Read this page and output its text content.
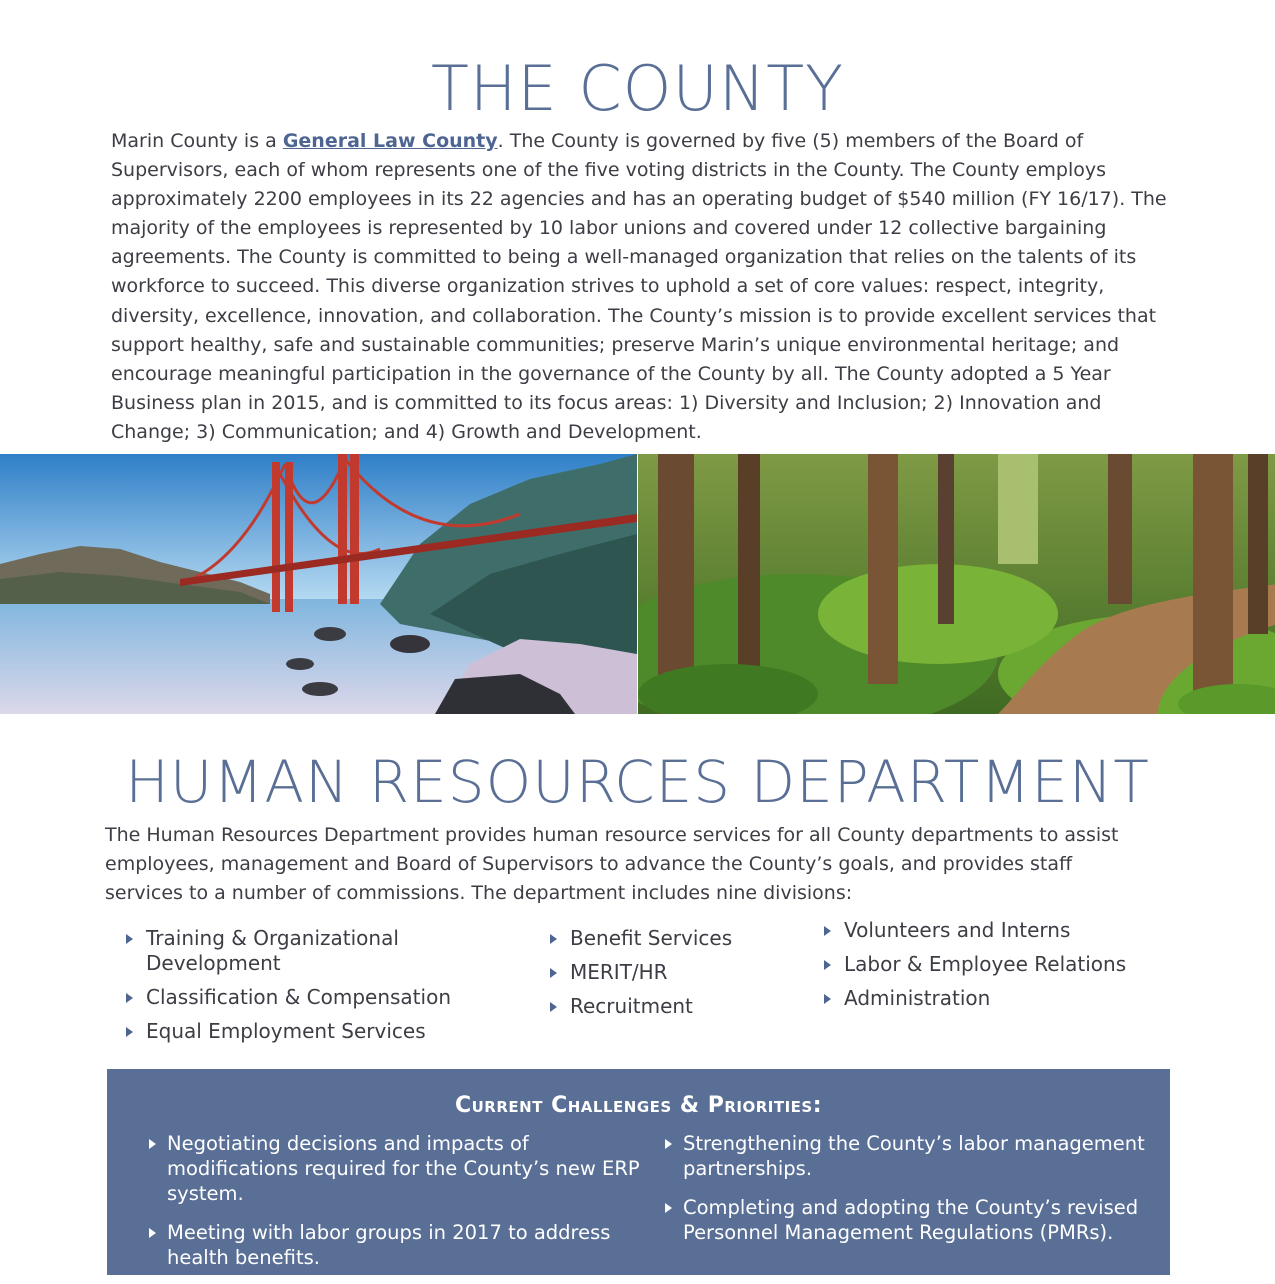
THE COUNTY

Marin County is a General Law County. The County is governed by five (5) members of the Board of Supervisors, each of whom represents one of the five voting districts in the County. The County employs approximately 2200 employees in its 22 agencies and has an operating budget of $540 million (FY 16/17). The majority of the employees is represented by 10 labor unions and covered under 12 collective bargaining agreements. The County is committed to being a well-managed organization that relies on the talents of its workforce to succeed. This diverse organization strives to uphold a set of core values: respect, integrity, diversity, excellence, innovation, and collaboration. The County’s mission is to provide excellent services that support healthy, safe and sustainable communities; preserve Marin’s unique environmental heritage; and encourage meaningful participation in the governance of the County by all. The County adopted a 5 Year Business plan in 2015, and is committed to its focus areas: 1) Diversity and Inclusion; 2) Innovation and Change; 3) Communication; and 4) Growth and Development.

HUMAN RESOURCES DEPARTMENT

The Human Resources Department provides human resource services for all County departments to assist employees, management and Board of Supervisors to advance the County’s goals, and provides staff services to a number of commissions. The department includes nine divisions:

Training & Organizational Development
Classification & Compensation
Equal Employment Services
Benefit Services
MERIT/HR
Recruitment
Volunteers and Interns
Labor & Employee Relations
Administration
Current Challenges & Priorities:
Negotiating decisions and impacts of modifications required for the County’s new ERP system.
Meeting with labor groups in 2017 to address health benefits.
Strengthening the County’s labor management partnerships.
Completing and adopting the County’s revised Personnel Management Regulations (PMRs).
